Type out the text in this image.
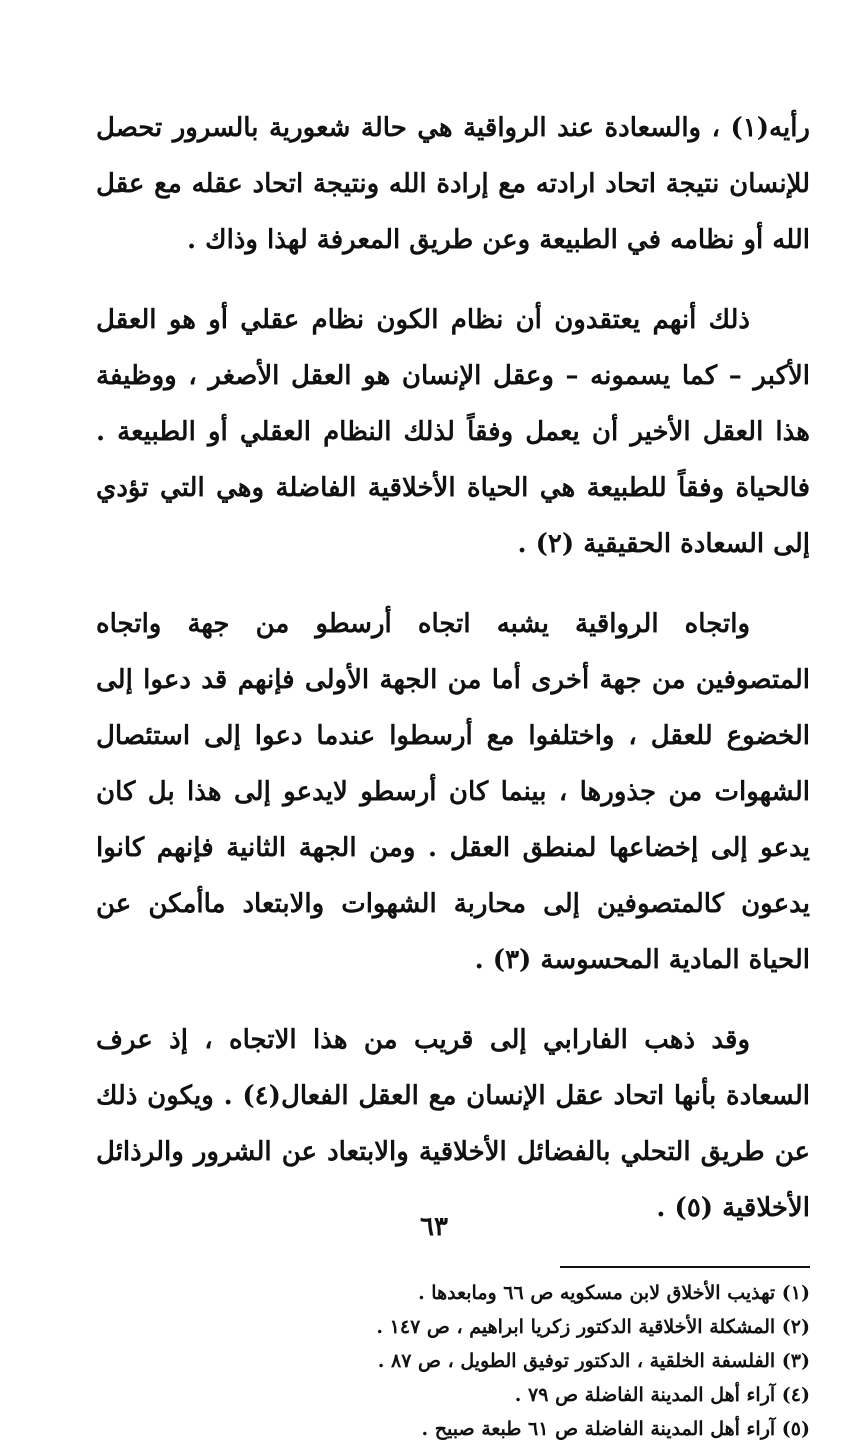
رأيه(١) ، والسعادة عند الرواقية هي حالة شعورية بالسرور تحصل للإنسان نتيجة اتحاد ارادته مع إرادة الله ونتيجة اتحاد عقله مع عقل الله أو نظامه في الطبيعة وعن طريق المعرفة لهذا وذاك .

ذلك أنهم يعتقدون أن نظام الكون نظام عقلي أو هو العقل الأكبر – كما يسمونه – وعقل الإنسان هو العقل الأصغر ، ووظيفة هذا العقل الأخير أن يعمل وفقاً لذلك النظام العقلي أو الطبيعة . فالحياة وفقاً للطبيعة هي الحياة الأخلاقية الفاضلة وهي التي تؤدي إلى السعادة الحقيقية (٢) .

واتجاه الرواقية يشبه اتجاه أرسطو من جهة واتجاه المتصوفين من جهة أخرى أما من الجهة الأولى فإنهم قد دعوا إلى الخضوع للعقل ، واختلفوا مع أرسطوا عندما دعوا إلى استئصال الشهوات من جذورها ، بينما كان أرسطو لايدعو إلى هذا بل كان يدعو إلى إخضاعها لمنطق العقل . ومن الجهة الثانية فإنهم كانوا يدعون كالمتصوفين إلى محاربة الشهوات والابتعاد ماأمكن عن الحياة المادية المحسوسة (٣) .

وقد ذهب الفارابي إلى قريب من هذا الاتجاه ، إذ عرف السعادة بأنها اتحاد عقل الإنسان مع العقل الفعال(٤) . ويكون ذلك عن طريق التحلي بالفضائل الأخلاقية والابتعاد عن الشرور والرذائل الأخلاقية (٥) .

(١) تهذيب الأخلاق لابن مسكويه ص ٦٦ ومابعدها .
(٢) المشكلة الأخلاقية الدكتور زكريا ابراهيم ، ص ١٤٧ .
(٣) الفلسفة الخلقية ، الدكتور توفيق الطويل ، ص ٨٧ .
(٤) آراء أهل المدينة الفاضلة ص ٧٩ .
(٥) آراء أهل المدينة الفاضلة ص ٦١ طبعة صبيح .
٦٣
